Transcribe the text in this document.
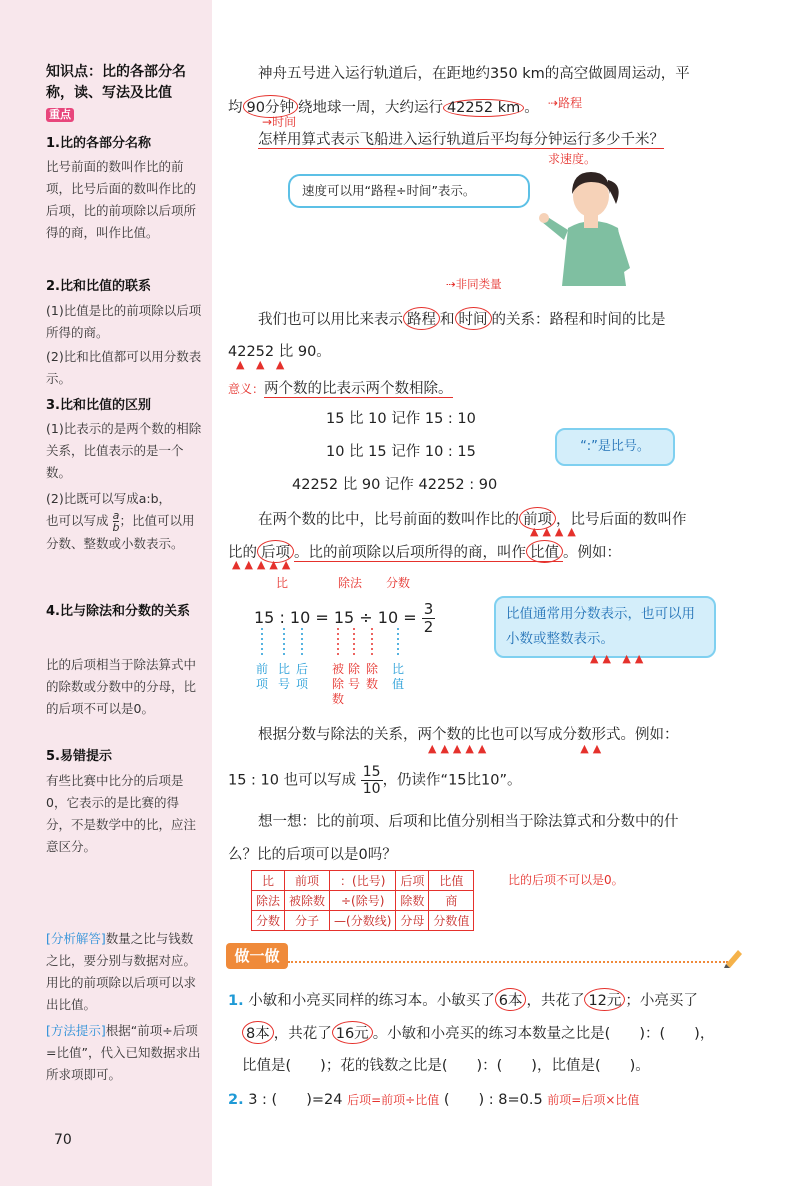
知识点：比的各部分名称，读、写法及比值 重点
1.比的各部分名称
比号前面的数叫作比的前项，比号后面的数叫作比的后项，比的前项除以后项所得的商，叫作比值。
2.比和比值的联系
(1)比值是比的前项除以后项所得的商。
(2)比和比值都可以用分数表示。
3.比和比值的区别
(1)比表示的是两个数的相除关系，比值表示的是一个数。
(2)比既可以写成a:b，
也可以写成 $\frac{a}{b}$ ；比值可以用分数、整数或小数表示。
4.比与除法和分数的关系
比的后项相当于除法算式中的除数或分数中的分母，比的后项不可以是0。
5.易错提示
有些比赛中比分的后项是0，它表示的是比赛的得分，不是数学中的比，应注意区分。
[分析解答]数量之比与钱数之比，要分别与数据对应。用比的前项除以后项可以求出比值。
[方法提示]根据“前项÷后项=比值”，代入已知数据求出所求项即可。
70
神舟五号进入运行轨道后，在距地约350 km的高空做圆周运动，平
均 90分钟 绕地球一周，大约运行 42252 km 。 ⇢路程
→时间
怎样用算式表示飞船进入运行轨道后平均每分钟运行多少千米？
求速度。
速度可以用“路程÷时间”表示。
⇢非同类量
我们也可以用比来表示 路程 和 时间 的关系：路程和时间的比是
42252 比 90。
▲ ▲ ▲
意义：两个数的比表示两个数相除。
15 比 10 记作 15 : 10
10 比 15 记作 10 : 15
42252 比 90 记作 42252 : 90
“:”是比号。
在两个数的比中，比号前面的数叫作比的 前项 ，比号后面的数叫作
▲▲▲▲
比的 后项 。比的前项除以后项所得的商，叫作 比值 。例如：
▲▲▲▲▲
比	除法 分数
15 : $10 = 15 \div 10 = \frac{3}{2}$
前项
比号
后项
被除数
除号
除数
比值
比值通常用分数表示，也可以用小数或整数表示。
▲▲ ▲▲
根据分数与除法的关系，两个数的比也可以写成分数形式。例如：
▲▲▲▲▲            ▲▲
15 : 10 也可以写成 $\frac{15}{10}$ ，仍读作“15比10”。
想一想：比的前项、后项和比值分别相当于除法算式和分数中的什
么？比的后项可以是0吗？
比	前项	：(比号)	后项	比值
除法	被除数	÷(除号)	除数	商
分数	分子	—(分数线)	分母	分数值
比的后项不可以是0。
做一做
1. 小敏和小亮买同样的练习本。小敏买了 6本 ，共花了 12元 ；小亮买了
8本 ，共花了 16元 。小敏和小亮买的练习本数量之比是(　　)：(　　)，
比值是(　　)；花的钱数之比是(　　)：(　　)，比值是(　　)。
2. 3 : (　　)=24 后项=前项÷比值 (　　) : 8=0.5 前项=后项×比值
